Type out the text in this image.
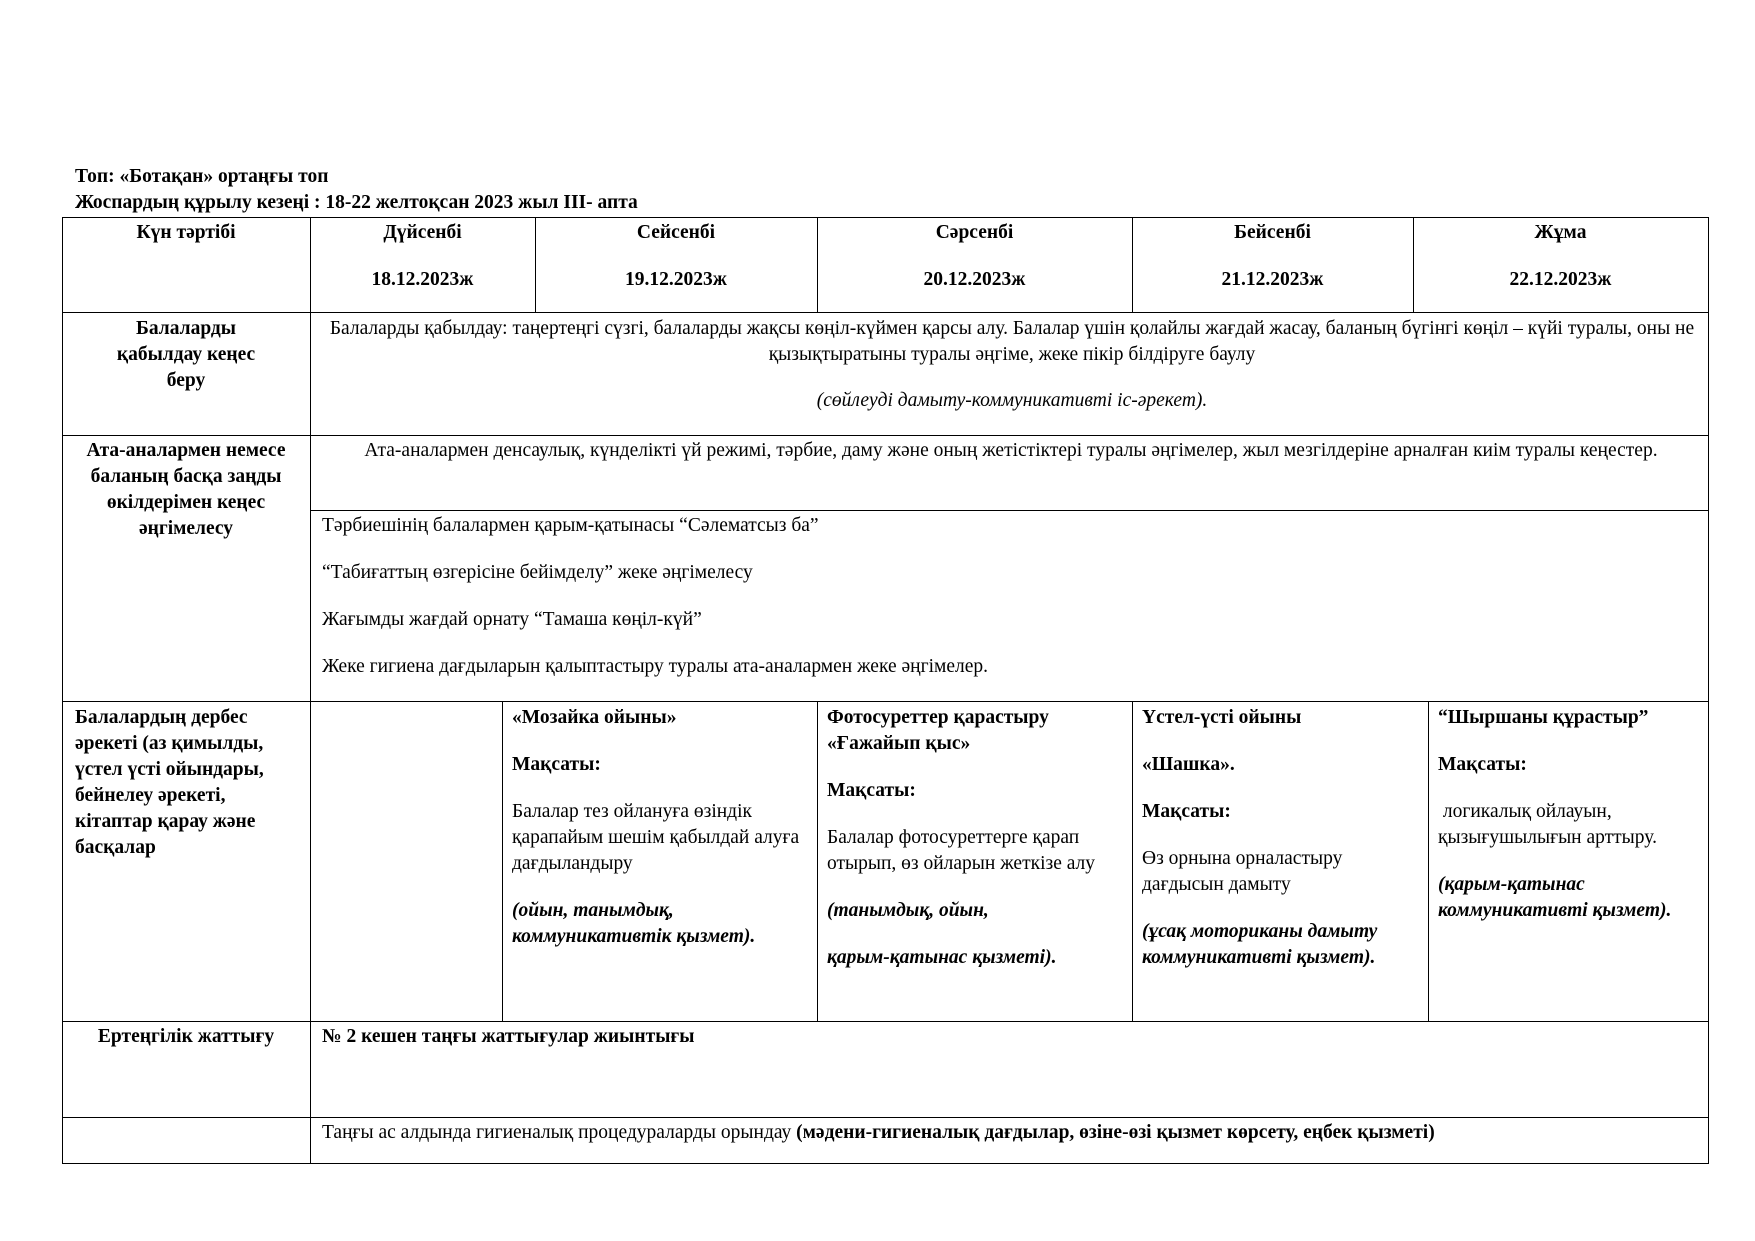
Топ: «Ботақан» ортаңғы топ
Жоспардың құрылу кезеңі : 18-22 желтоқсан 2023 жыл ІІІ- апта
Күн тәртібі	Дүйсенбі

18.12.2023ж

Сейсенбі

19.12.2023ж

Сәрсенбі

20.12.2023ж

Бейсенбі

21.12.2023ж

Жұма

22.12.2023ж

Балаларды қабылдау кеңес беру
Балаларды қабылдау: таңертеңгі сүзгі, балаларды жақсы көңіл-күймен қарсы алу. Балалар үшін қолайлы жағдай жасау, баланың бүгінгі көңіл – күйі туралы, оны не қызықтыратыны туралы әңгіме, жеке пікір білдіруге баулу
(сөйлеуді дамыту-коммуникативті іс-әрекет).
Ата-аналармен немесе баланың басқа заңды өкілдерімен кеңес әңгімелесу
Ата-аналармен денсаулық, күнделікті үй режимі, тәрбие, даму және оның жетістіктері туралы әңгімелер, жыл мезгілдеріне арналған киім туралы кеңестер.

Тәрбиешінің балалармен қарым-қатынасы “Сәлематсыз ба”

“Табиғаттың өзгерісіне бейімделу” жеке әңгімелесу

Жағымды жағдай орнату “Тамаша көңіл-күй”

Жеке гигиена дағдыларын қалыптастыру туралы ата-аналармен жеке әңгімелер.

Балалардың дербес әрекеті (аз қимылды, үстел үсті ойындары, бейнелеу әрекеті, кітаптар қарау және басқалар

«Мозайка ойыны»

Мақсаты:

Балалар тез ойлануға өзіндік қарапайым шешім қабылдай алуға дағдыландыру

(ойын, танымдық, коммуникативтік қызмет).

Фотосуреттер қарастыру «Ғажайып қыс»

Мақсаты:

Балалар фотосуреттерге қарап отырып, өз ойларын жеткізе алу

(танымдық, ойын,

қарым-қатынас қызметі).

Үстел-үсті ойыны

«Шашка».

Мақсаты:

Өз орнына орналастыру дағдысын дамыту

(ұсақ моториканы дамыту коммуникативті қызмет).

“Шыршаны құрастыр”

Мақсаты:

логикалық ойлауын, қызығушылығын арттыру.

(қарым-қатынас коммуникативті қызмет).

Ертеңгілік жаттығу	№ 2 кешен таңғы жаттығулар жиынтығы
Таңғы ас алдында гигиеналық процедураларды орындау (мәдени-гигиеналық дағдылар, өзіне-өзі қызмет көрсету, еңбек қызметі)
